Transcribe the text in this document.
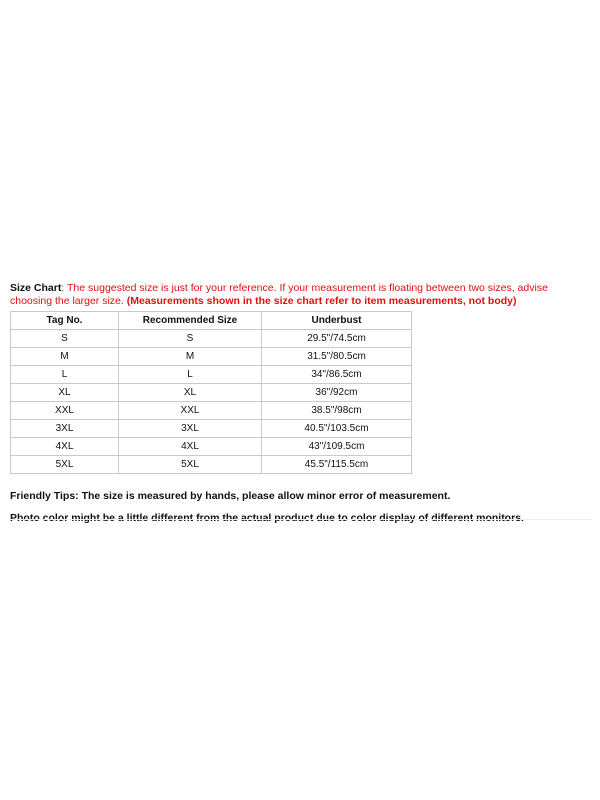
Size Chart: The suggested size is just for your reference. If your measurement is floating between two sizes, advise choosing the larger size. (Measurements shown in the size chart refer to item measurements, not body)

Tag No.	Recommended Size	Underbust
S	S	29.5"/74.5cm
M	M	31.5"/80.5cm
L	L	34"/86.5cm
XL	XL	36"/92cm
XXL	XXL	38.5"/98cm
3XL	3XL	40.5"/103.5cm
4XL	4XL	43"/109.5cm
5XL	5XL	45.5"/115.5cm

Friendly Tips: The size is measured by hands, please allow minor error of measurement.

Photo color might be a little different from the actual product due to color display of different monitors.
